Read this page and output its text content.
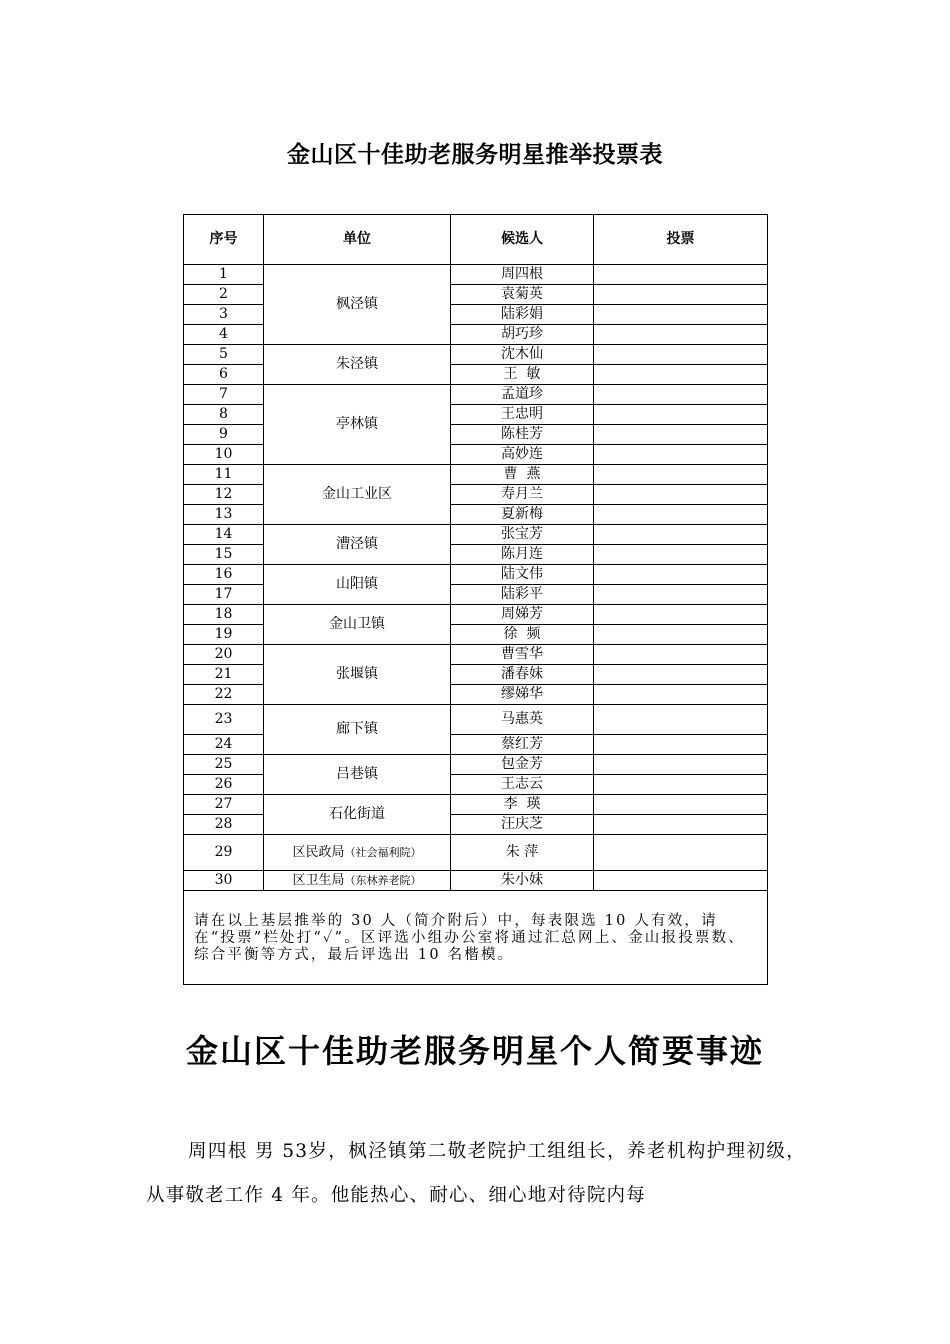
金山区十佳助老服务明星推举投票表
序号	单位	候选人	投票
1	枫泾镇	周四根	
2		袁菊英	
3		陆彩娟	
4		胡巧珍	
5	朱泾镇	沈木仙	
6		王  敏	
7	亭林镇	孟道珍	
8		王忠明	
9		陈桂芳	
10		高妙连	
11	金山工业区	曹  燕	
12		寿月兰	
13		夏新梅	
14	漕泾镇	张宝芳	
15		陈月连	
16	山阳镇	陆文伟	
17		陆彩平	
18	金山卫镇	周娣芳	
19		徐  频	
20	张堰镇	曹雪华	
21		潘春妹	
22		缪娣华	
23	廊下镇	马惠英	
24		蔡红芳	
25	吕巷镇	包金芳	
26		王志云	
27	石化街道	李  瑛	
28		汪庆芝	
29	区民政局（社会福利院）	朱 萍	
30	区卫生局（东林养老院）	朱小妹	
请在以上基层推举的 30 人（简介附后）中，每表限选 10 人有效，请在“投票”栏处打“✓”。区评选小组办公室将通过汇总网上、金山报投票数、综合平衡等方式，最后评选出 10 名楷模。			
金山区十佳助老服务明星个人简要事迹
周四根 男 53岁，枫泾镇第二敬老院护工组组长，养老机构护理初级，从事敬老工作 4 年。他能热心、耐心、细心地对待院内每
